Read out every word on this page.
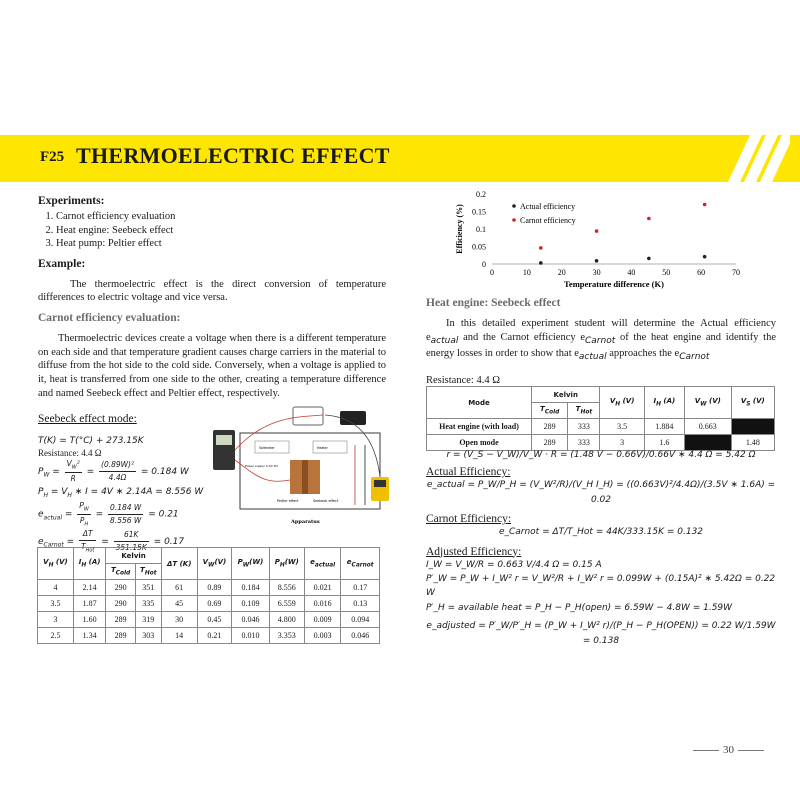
F25 THERMOELECTRIC EFFECT
Experiments:
1. Carnot efficiency evaluation
2. Heat engine: Seebeck effect
3. Heat pump: Peltier effect
Example:

The thermoelectric effect is the direct conversion of temperature differences to electric voltage and vice versa.

Carnot efficiency evaluation:

Thermoelectric devices create a voltage when there is a different temperature on each side and that temperature gradient causes charge carriers in the material to diffuse from the hot side to the cold side. Conversely, when a voltage is applied to it, heat is transferred from one side to the other, creating a temperature difference and named Seebeck effect and Peltier effect, respectively.

Seebeck effect mode:
T(K) = T(°C) + 273.15K
Resistance: 4.4 Ω
$P_W = \frac{V_W^2}{R} = \frac{\text{(0.89W)²}}{4.4\Omega} = 0.184$ W
$P_H = V_H$ ∗ I = 4V ∗ 2.14A = 8.556 W
$e_{actual} = \frac{P_W}{P_H} = \frac{0.184 W}{8.556 W} = 0.21$
$e_{Carnot} = \frac{\Delta T}{T_{Hot}} = \frac{61K}{351.15K} = 0.17$
Voltmeter	Heater
Peltier effect	Seebeck effect
Power supply 0-5V DC
Apparatus
$V_H$ (V)	$I_H$ (A)	Kelvin		ΔT (K)	$V_W(V)$	$P_W(W)$	$P_H(W)$	$e_{actual}$	$e_{Carnot}$
		$T_{Cold}$	$T_{Hot}$
4	2.14	290	351	61	0.89	0.184	8.556	0.021	0.17
3.5	1.87	290	335	45	0.69	0.109	6.559	0.016	0.13
3	1.60	289	319	30	0.45	0.046	4.800	0.009	0.094
2.5	1.34	289	303	14	0.21	0.010	3.353	0.003	0.046
0	10	20	30	40	50	60	70
0
0.05
0.1
0.15
0.2
Temperature difference (K)
Efficiency (%)	Actual efficiency
Carnot efficiency
Heat engine: Seebeck effect

In this detailed experiment student will determine the Actual efficiency $e_{actual}$ and the Carnot efficiency $e_{Carnot}$ of the heat engine and identify the energy losses in order to show that $e_{actual}$ approaches the $e_{Carnot}$

Resistance: 4.4 Ω
Mode	Kelvin		$V_H$ (V)	$I_H$ (A)	$V_W$ (V)	$V_S$ (V)
	$T_{Cold}$	$T_{Hot}$
Heat engine (with load)	289	333	3.5	1.884	0.663	
Open mode	289	333	3	1.6		1.48
r = (V_S − V_W)/V_W · R = (1.48 V − 0.66V)/0.66V ∗ 4.4 Ω = 5.42 Ω
Actual Efficiency:
e_actual = P_W/P_H = (V_W²/R)/(V_H I_H) = ((0.663V)²/4.4Ω)/(3.5V ∗ 1.6A) = 0.02
Carnot Efficiency:
e_Carnot = ΔT/T_Hot = 44K/333.15K = 0.132
Adjusted Efficiency:
I_W = V_W/R = 0.663 V/4.4 Ω = 0.15 A
P′_W = P_W + I_W² r = V_W²/R + I_W² r = 0.099W + (0.15A)² ∗ 5.42Ω = 0.22 W
P′_H = available heat = P_H − P_H(open) = 6.59W − 4.8W = 1.59W
e_adjusted = P′_W/P′_H = (P_W + I_W² r)/(P_H − P_H(OPEN)) = 0.22 W/1.59W = 0.138
30
